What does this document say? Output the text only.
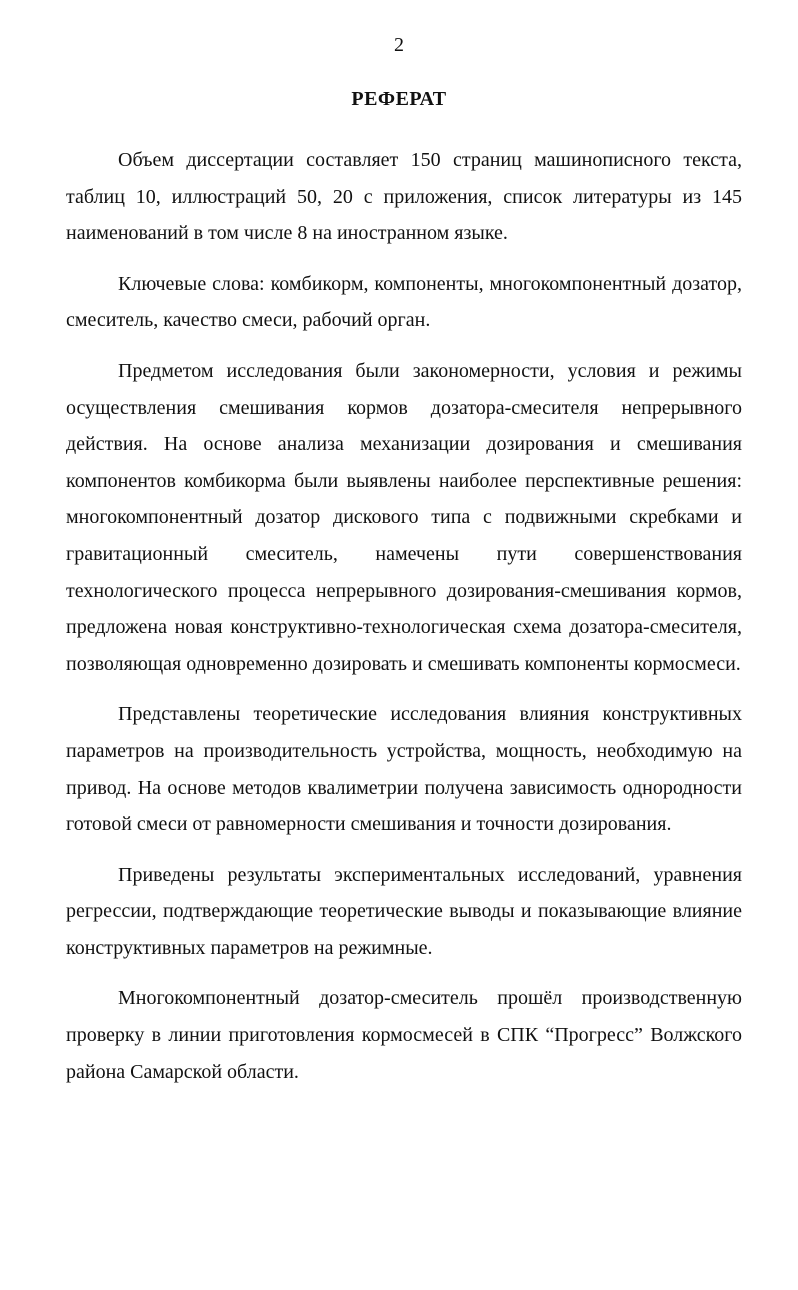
2
РЕФЕРАТ

Объем диссертации составляет 150 страниц машинописного текста, таблиц 10, иллюстраций 50, 20 с приложения, список литературы из 145 наименований в том числе 8 на иностранном языке.

Ключевые слова: комбикорм, компоненты, многокомпонентный дозатор, смеситель, качество смеси, рабочий орган.

Предметом исследования были закономерности, условия и режимы осуществления смешивания кормов дозатора-смесителя непрерывного действия. На основе анализа механизации дозирования и смешивания компонентов комбикорма были выявлены наиболее перспективные решения: многокомпонентный дозатор дискового типа с подвижными скребками и гравитационный смеситель, намечены пути совершенствования технологического процесса непрерывного дозирования-смешивания кормов, предложена новая конструктивно-технологическая схема дозатора-смесителя, позволяющая одновременно дозировать и смешивать компоненты кормосмеси.

Представлены теоретические исследования влияния конструктивных параметров на производительность устройства, мощность, необходимую на привод. На основе методов квалиметрии получена зависимость однородности готовой смеси от равномерности смешивания и точности дозирования.

Приведены результаты экспериментальных исследований, уравнения регрессии, подтверждающие теоретические выводы и показывающие влияние конструктивных параметров на режимные.

Многокомпонентный дозатор-смеситель прошёл производственную проверку в линии приготовления кормосмесей в СПК “Прогресс” Волжского района Самарской области.
